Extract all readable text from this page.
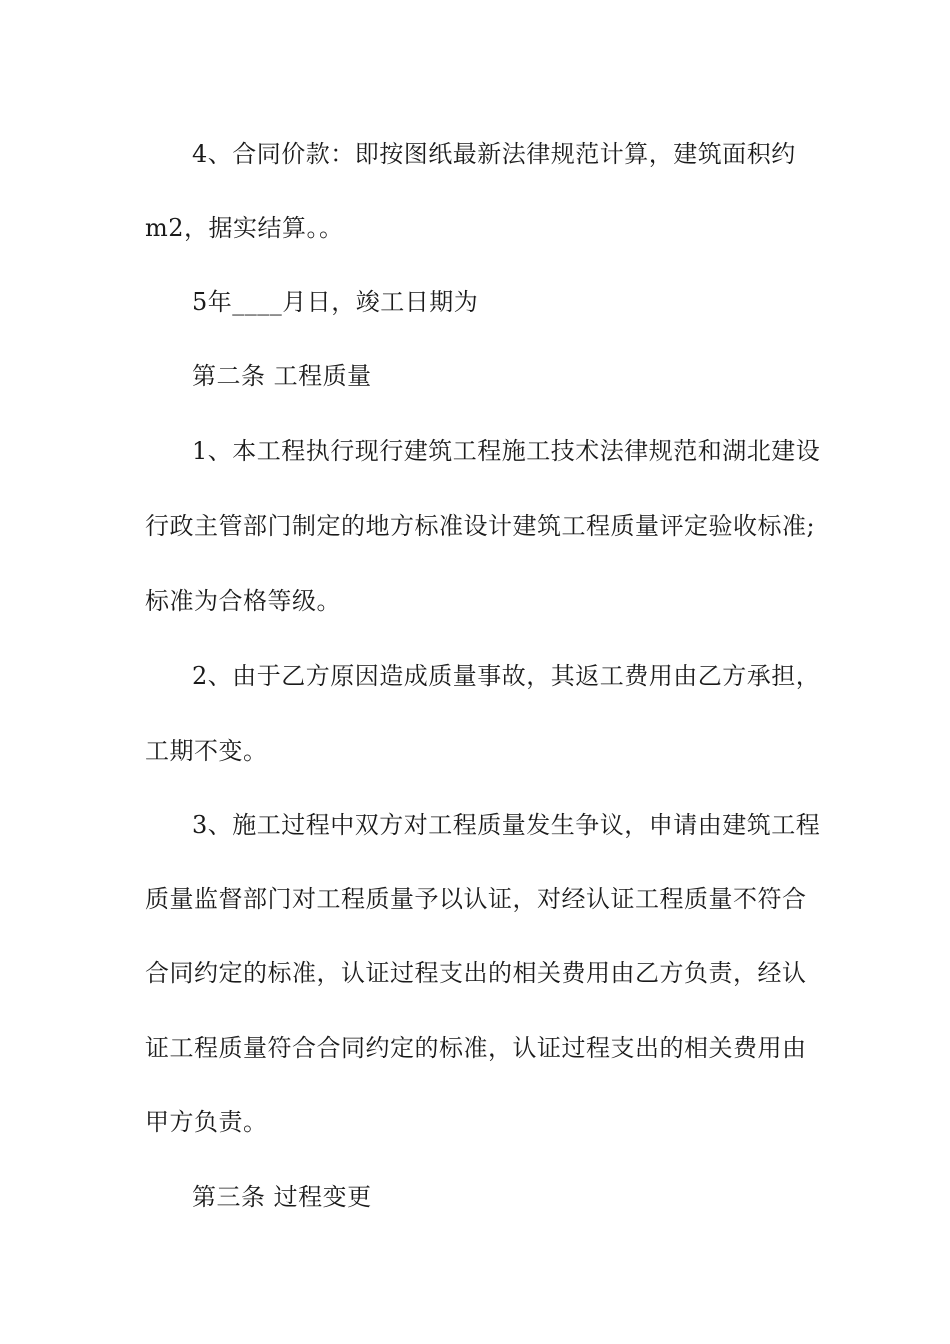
4、合同价款：即按图纸最新法律规范计算，建筑面积约
m2，据实结算。。
5年____月日，竣工日期为
第二条 工程质量
1、本工程执行现行建筑工程施工技术法律规范和湖北建设
行政主管部门制定的地方标准设计建筑工程质量评定验收标准;
标准为合格等级。
2、由于乙方原因造成质量事故，其返工费用由乙方承担，
工期不变。
3、施工过程中双方对工程质量发生争议，申请由建筑工程
质量监督部门对工程质量予以认证，对经认证工程质量不符合
合同约定的标准，认证过程支出的相关费用由乙方负责，经认
证工程质量符合合同约定的标准，认证过程支出的相关费用由
甲方负责。
第三条 过程变更
